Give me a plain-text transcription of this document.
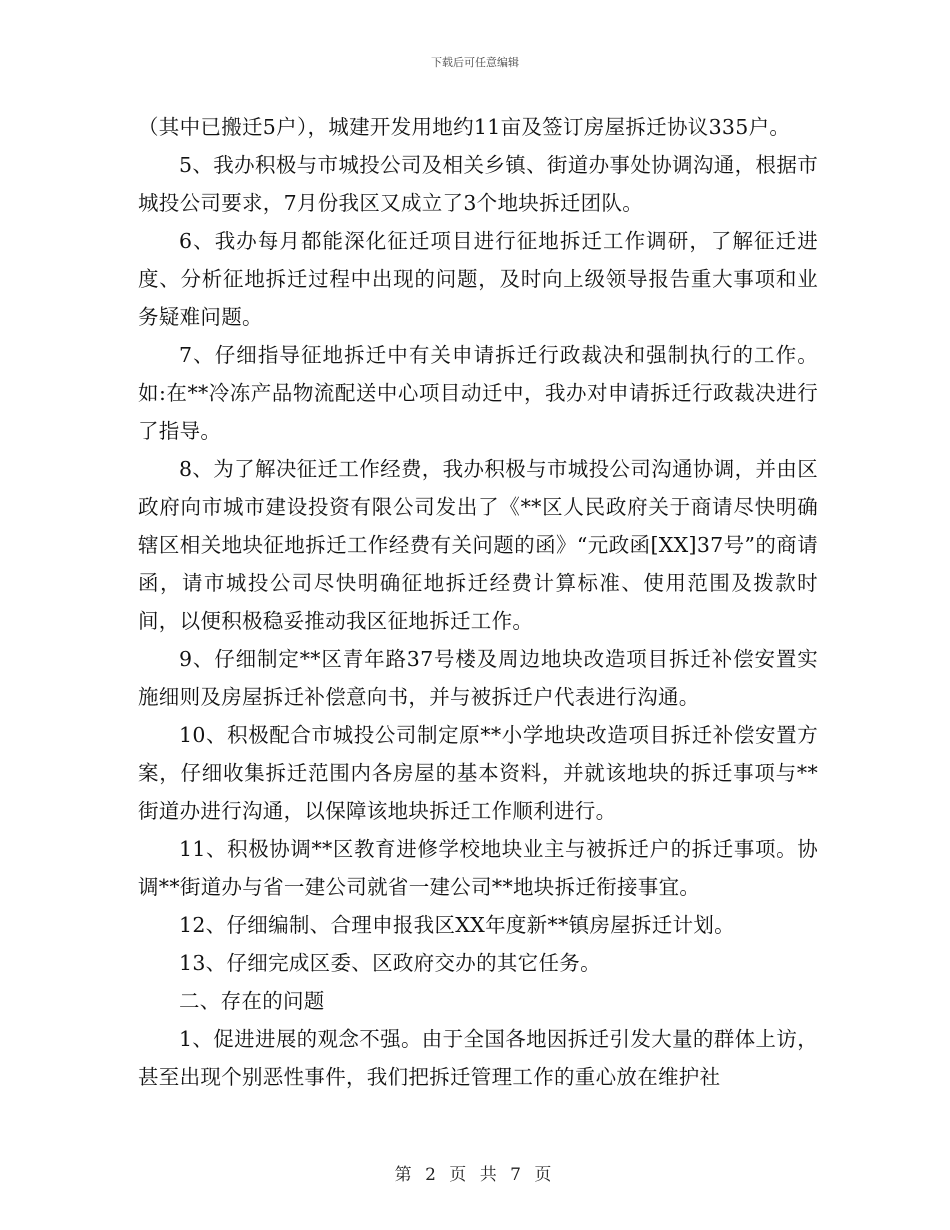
下载后可任意编辑

（其中已搬迁5户），城建开发用地约11亩及签订房屋拆迁协议335户。

5、我办积极与市城投公司及相关乡镇、街道办事处协调沟通，根据市城投公司要求，7月份我区又成立了3个地块拆迁团队。

6、我办每月都能深化征迁项目进行征地拆迁工作调研，了解征迁进度、分析征地拆迁过程中出现的问题，及时向上级领导报告重大事项和业务疑难问题。

7、仔细指导征地拆迁中有关申请拆迁行政裁决和强制执行的工作。如:在**冷冻产品物流配送中心项目动迁中，我办对申请拆迁行政裁决进行了指导。

8、为了解决征迁工作经费，我办积极与市城投公司沟通协调，并由区政府向市城市建设投资有限公司发出了《**区人民政府关于商请尽快明确辖区相关地块征地拆迁工作经费有关问题的函》“元政函[XX]37号”的商请函，请市城投公司尽快明确征地拆迁经费计算标准、使用范围及拨款时间，以便积极稳妥推动我区征地拆迁工作。

9、仔细制定**区青年路37号楼及周边地块改造项目拆迁补偿安置实施细则及房屋拆迁补偿意向书，并与被拆迁户代表进行沟通。

10、积极配合市城投公司制定原**小学地块改造项目拆迁补偿安置方案，仔细收集拆迁范围内各房屋的基本资料，并就该地块的拆迁事项与**街道办进行沟通，以保障该地块拆迁工作顺利进行。

11、积极协调**区教育进修学校地块业主与被拆迁户的拆迁事项。协调**街道办与省一建公司就省一建公司**地块拆迁衔接事宜。

12、仔细编制、合理申报我区XX年度新**镇房屋拆迁计划。

13、仔细完成区委、区政府交办的其它任务。

二、存在的问题

1、促进进展的观念不强。由于全国各地因拆迁引发大量的群体上访，甚至出现个别恶性事件，我们把拆迁管理工作的重心放在维护社

第 2 页 共 7 页
